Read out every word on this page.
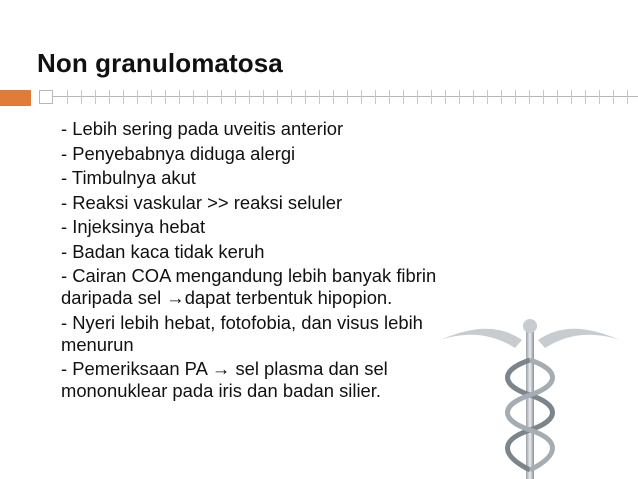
Non granulomatosa
- Lebih sering pada uveitis anterior
- Penyebabnya diduga alergi
- Timbulnya akut
- Reaksi vaskular >> reaksi seluler
- Injeksinya hebat
- Badan kaca tidak keruh
- Cairan COA mengandung lebih banyak fibrin
daripada sel →dapat terbentuk hipopion.
- Nyeri lebih hebat, fotofobia, dan visus lebih
menurun
- Pemeriksaan PA → sel plasma dan sel
mononuklear pada iris dan badan silier.
